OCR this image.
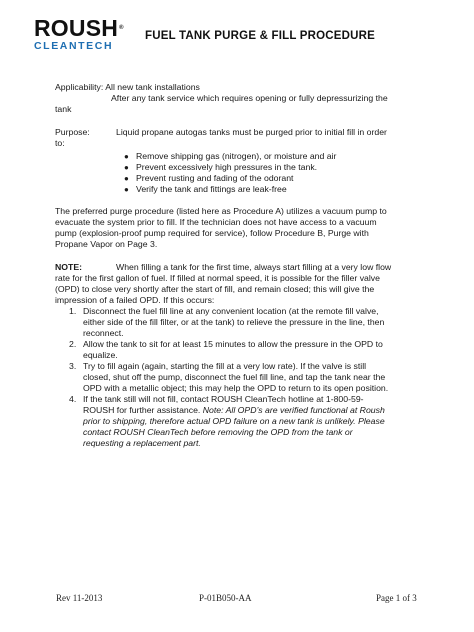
ROUSH®
CLEANTECH
FUEL TANK PURGE & FILL PROCEDURE
Applicability: All new tank installations
After any tank service which requires opening or fully depressurizing the
tank
Purpose:	Liquid propane autogas tanks must be purged prior to initial fill in order
to:
● Remove shipping gas (nitrogen), or moisture and air
● Prevent excessively high pressures in the tank.
● Prevent rusting and fading of the odorant
● Verify the tank and fittings are leak-free
The preferred purge procedure (listed here as Procedure A) utilizes a vacuum pump to
evacuate the system prior to fill. If the technician does not have access to a vacuum
pump (explosion-proof pump required for service), follow Procedure B, Purge with
Propane Vapor on Page 3.
NOTE:	When filling a tank for the first time, always start filling at a very low flow
rate for the first gallon of fuel. If filled at normal speed, it is possible for the filler valve
(OPD) to close very shortly after the start of fill, and remain closed; this will give the
impression of a failed OPD. If this occurs:
1. Disconnect the fuel fill line at any convenient location (at the remote fill valve,
either side of the fill filter, or at the tank) to relieve the pressure in the line, then
reconnect.
2. Allow the tank to sit for at least 15 minutes to allow the pressure in the OPD to
equalize.
3. Try to fill again (again, starting the fill at a very low rate). If the valve is still
closed, shut off the pump, disconnect the fuel fill line, and tap the tank near the
OPD with a metallic object; this may help the OPD to return to its open position.
4. If the tank still will not fill, contact ROUSH CleanTech hotline at 1-800-59-
ROUSH for further assistance. Note: All OPD’s are verified functional at Roush
prior to shipping, therefore actual OPD failure on a new tank is unlikely. Please
contact ROUSH CleanTech before removing the OPD from the tank or
requesting a replacement part.
Rev 11-2013	P-01B050-AA	Page 1 of 3
